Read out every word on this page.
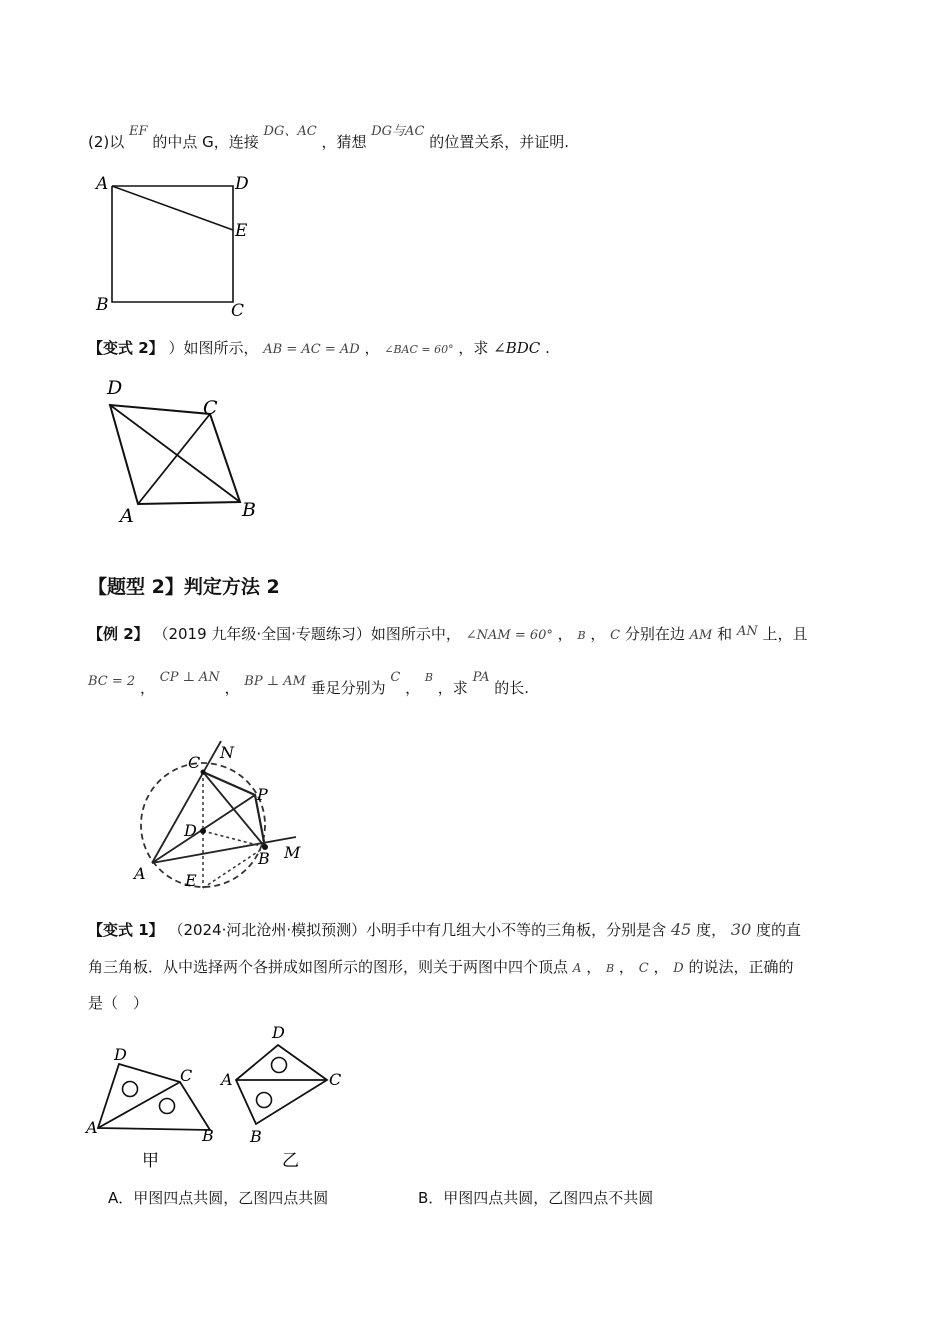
(2)以 EF 的中点 G，连接 DG、AC ，猜想 DG与AC 的位置关系，并证明.
A	D
E
B	C
【变式 2】 ）如图所示， AB = AC = AD ， ∠BAC = 60° ，求 ∠BDC .
D
C
A	B
【题型 2】判定方法 2
【例 2】 （2019 九年级·全国·专题练习）如图所示中， ∠NAM = 60° ， B ， C 分别在边 AM 和 AN 上，且
BC = 2 ， CP ⊥ AN ， BP ⊥ AM 垂足分别为 C ， $^B$ ，求 PA 的长.
C
N
P
D
B M
A E
【变式 1】 （2024·河北沧州·模拟预测）小明手中有几组大小不等的三角板，分别是含 45 度， 30 度的直
角三角板．从中选择两个各拼成如图所示的图形，则关于两图中四个顶点 A ， B ， C ， D 的说法，正确的
是（　）
D
C
A	B
甲
D
A	C
B
乙
A．甲图四点共圆，乙图四点共圆	B．甲图四点共圆，乙图四点不共圆
